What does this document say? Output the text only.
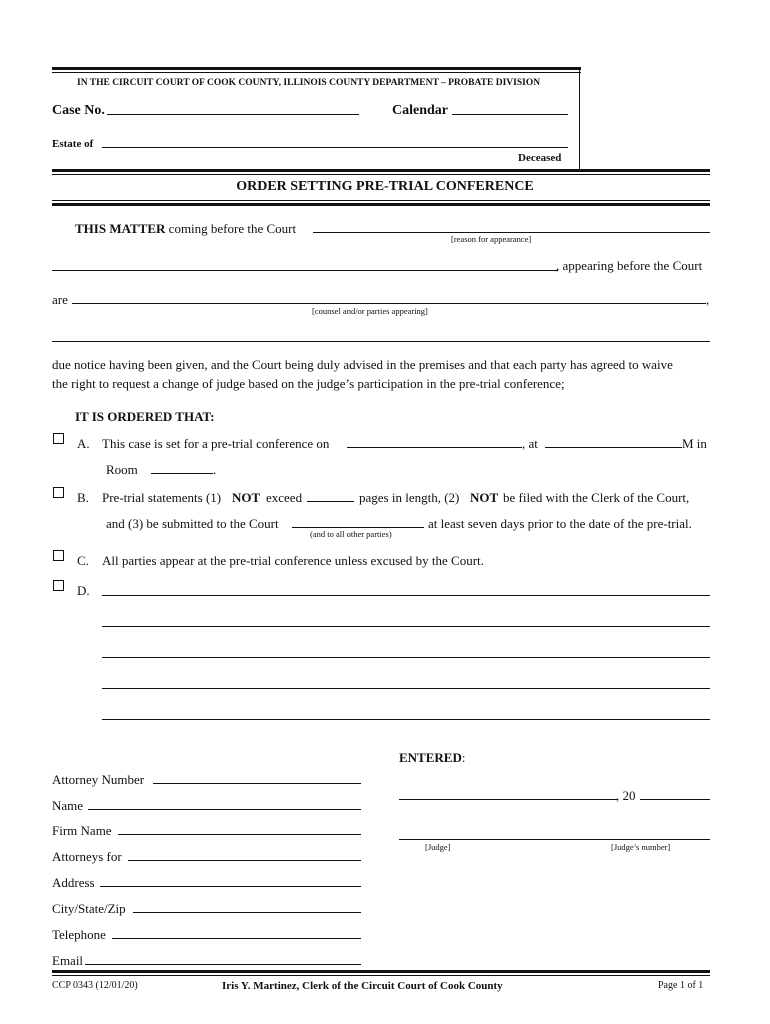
IN THE CIRCUIT COURT OF COOK COUNTY, ILLINOIS COUNTY DEPARTMENT – PROBATE DIVISION
Case No.	Calendar
Estate of
Deceased
ORDER SETTING PRE-TRIAL CONFERENCE
THIS MATTER coming before the Court
[reason for appearance]
, appearing before the Court
are	,
[counsel and/or parties appearing]
due notice having been given, and the Court being duly advised in the premises and that each party has agreed to waive
the right to request a change of judge based on the judge’s participation in the pre-trial conference;
IT IS ORDERED THAT:
A. This case is set for a pre-trial conference on	, at	M in
Room	.
B. Pre-trial statements (1) NOT exceed	pages in length, (2) NOT be filed with the Clerk of the Court,
and (3) be submitted to the Court	at least seven days prior to the date of the pre-trial.
(and to all other parties)
C. All parties appear at the pre-trial conference unless excused by the Court.
D.
ENTERED:
, 20
[Judge]	[Judge’s number]
Attorney Number
Name
Firm Name
Attorneys for
Address
City/State/Zip
Telephone
Email
CCP 0343 (12/01/20)	Iris Y. Martinez, Clerk of the Circuit Court of Cook County	Page 1 of 1
